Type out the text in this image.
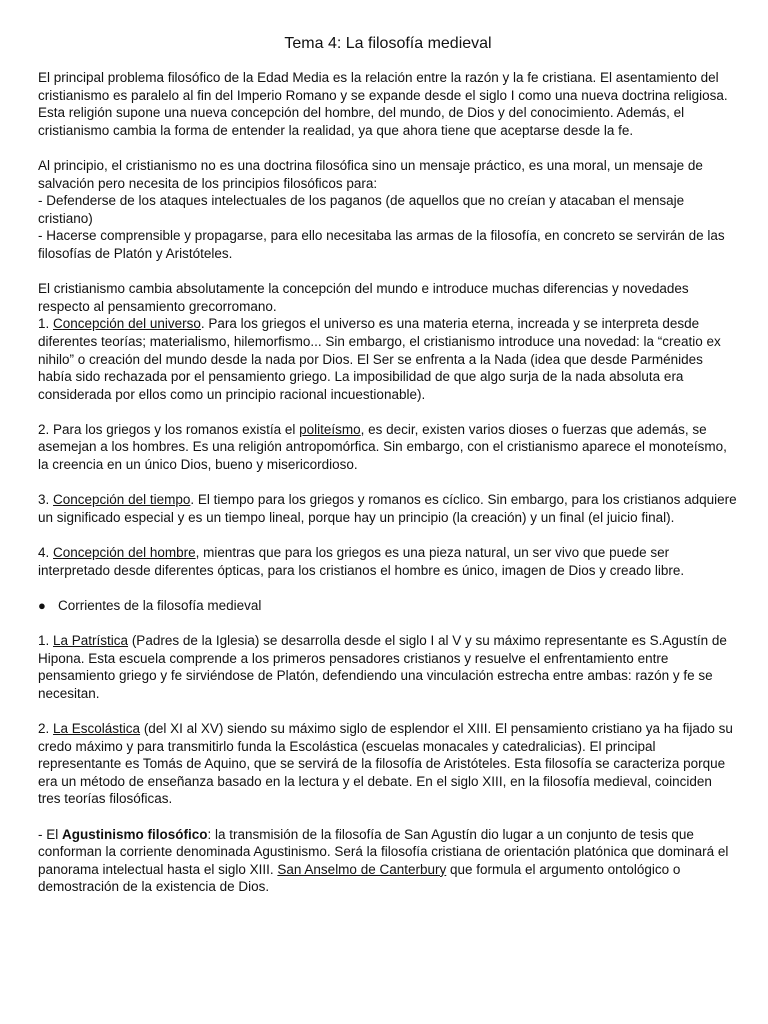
Tema 4: La filosofía medieval

El principal problema filosófico de la Edad Media es la relación entre la razón y la fe cristiana. El asentamiento del cristianismo es paralelo al fin del Imperio Romano y se expande desde el siglo I como una nueva doctrina religiosa. Esta religión supone una nueva concepción del hombre, del mundo, de Dios y del conocimiento. Además, el cristianismo cambia la forma de entender la realidad, ya que ahora tiene que aceptarse desde la fe.

Al principio, el cristianismo no es una doctrina filosófica sino un mensaje práctico, es una moral, un mensaje de salvación pero necesita de los principios filosóficos para:
- Defenderse de los ataques intelectuales de los paganos (de aquellos que no creían y atacaban el mensaje cristiano)
- Hacerse comprensible y propagarse, para ello necesitaba las armas de la filosofía, en concreto se servirán de las filosofías de Platón y Aristóteles.

El cristianismo cambia absolutamente la concepción del mundo e introduce muchas diferencias y novedades respecto al pensamiento grecorromano.
1. Concepción del universo. Para los griegos el universo es una materia eterna, increada y se interpreta desde diferentes teorías; materialismo, hilemorfismo... Sin embargo, el cristianismo introduce una novedad: la “creatio ex nihilo” o creación del mundo desde la nada por Dios. El Ser se enfrenta a la Nada (idea que desde Parménides había sido rechazada por el pensamiento griego. La imposibilidad de que algo surja de la nada absoluta era considerada por ellos como un principio racional incuestionable).

2. Para los griegos y los romanos existía el politeísmo, es decir, existen varios dioses o fuerzas que además, se asemejan a los hombres. Es una religión antropomórfica. Sin embargo, con el cristianismo aparece el monoteísmo, la creencia en un único Dios, bueno y misericordioso.

3. Concepción del tiempo. El tiempo para los griegos y romanos es cíclico. Sin embargo, para los cristianos adquiere un significado especial y es un tiempo lineal, porque hay un principio (la creación) y un final (el juicio final).

4. Concepción del hombre, mientras que para los griegos es una pieza natural, un ser vivo que puede ser interpretado desde diferentes ópticas, para los cristianos el hombre es único, imagen de Dios y creado libre.

● Corrientes de la filosofía medieval

1. La Patrística (Padres de la Iglesia) se desarrolla desde el siglo I al V y su máximo representante es S.Agustín de Hipona. Esta escuela comprende a los primeros pensadores cristianos y resuelve el enfrentamiento entre pensamiento griego y fe sirviéndose de Platón, defendiendo una vinculación estrecha entre ambas: razón y fe se necesitan.

2. La Escolástica (del XI al XV) siendo su máximo siglo de esplendor el XIII. El pensamiento cristiano ya ha fijado su credo máximo y para transmitirlo funda la Escolástica (escuelas monacales y catedralicias). El principal representante es Tomás de Aquino, que se servirá de la filosofía de Aristóteles. Esta filosofía se caracteriza porque era un método de enseñanza basado en la lectura y el debate. En el siglo XIII, en la filosofía medieval, coinciden tres teorías filosóficas.

- El Agustinismo filosófico: la transmisión de la filosofía de San Agustín dio lugar a un conjunto de tesis que conforman la corriente denominada Agustinismo. Será la filosofía cristiana de orientación platónica que dominará el panorama intelectual hasta el siglo XIII. San Anselmo de Canterbury que formula el argumento ontológico o demostración de la existencia de Dios.
